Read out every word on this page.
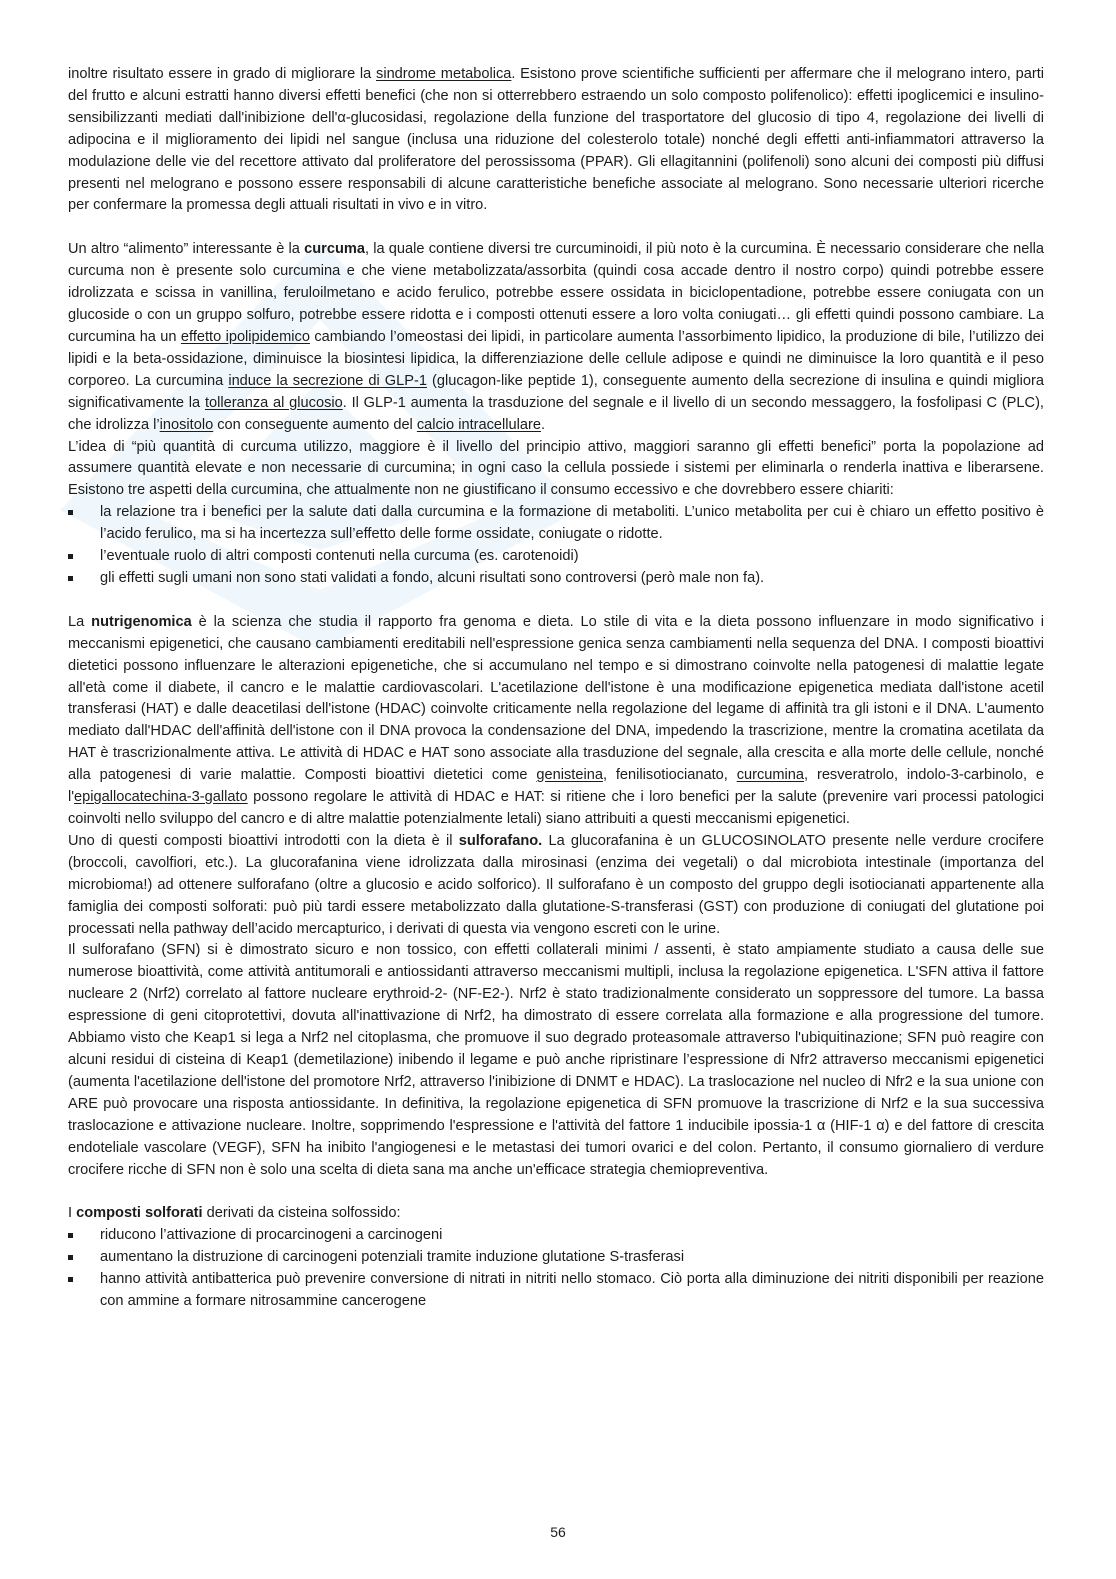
inoltre risultato essere in grado di migliorare la sindrome metabolica. Esistono prove scientifiche sufficienti per affermare che il melograno intero, parti del frutto e alcuni estratti hanno diversi effetti benefici (che non si otterrebbero estraendo un solo composto polifenolico): effetti ipoglicemici e insulino-sensibilizzanti mediati dall'inibizione dell'α-glucosidasi, regolazione della funzione del trasportatore del glucosio di tipo 4, regolazione dei livelli di adipocina e il miglioramento dei lipidi nel sangue (inclusa una riduzione del colesterolo totale) nonché degli effetti anti-infiammatori attraverso la modulazione delle vie del recettore attivato dal proliferatore del perossissoma (PPAR). Gli ellagitannini (polifenoli) sono alcuni dei composti più diffusi presenti nel melograno e possono essere responsabili di alcune caratteristiche benefiche associate al melograno. Sono necessarie ulteriori ricerche per confermare la promessa degli attuali risultati in vivo e in vitro.

Un altro “alimento” interessante è la curcuma, la quale contiene diversi tre curcuminoidi, il più noto è la curcumina. È necessario considerare che nella curcuma non è presente solo curcumina e che viene metabolizzata/assorbita (quindi cosa accade dentro il nostro corpo) quindi potrebbe essere idrolizzata e scissa in vanillina, feruloilmetano e acido ferulico, potrebbe essere ossidata in biciclopentadione, potrebbe essere coniugata con un glucoside o con un gruppo solfuro, potrebbe essere ridotta e i composti ottenuti essere a loro volta coniugati… gli effetti quindi possono cambiare. La curcumina ha un effetto ipolipidemico cambiando l’omeostasi dei lipidi, in particolare aumenta l’assorbimento lipidico, la produzione di bile, l’utilizzo dei lipidi e la beta-ossidazione, diminuisce la biosintesi lipidica, la differenziazione delle cellule adipose e quindi ne diminuisce la loro quantità e il peso corporeo. La curcumina induce la secrezione di GLP-1 (glucagon-like peptide 1), conseguente aumento della secrezione di insulina e quindi migliora significativamente la tolleranza al glucosio. Il GLP-1 aumenta la trasduzione del segnale e il livello di un secondo messaggero, la fosfolipasi C (PLC), che idrolizza l’inositolo con conseguente aumento del calcio intracellulare.

L’idea di “più quantità di curcuma utilizzo, maggiore è il livello del principio attivo, maggiori saranno gli effetti benefici” porta la popolazione ad assumere quantità elevate e non necessarie di curcumina; in ogni caso la cellula possiede i sistemi per eliminarla o renderla inattiva e liberarsene. Esistono tre aspetti della curcumina, che attualmente non ne giustificano il consumo eccessivo e che dovrebbero essere chiariti:

la relazione tra i benefici per la salute dati dalla curcumina e la formazione di metaboliti. L’unico metabolita per cui è chiaro un effetto positivo è l’acido ferulico, ma si ha incertezza sull’effetto delle forme ossidate, coniugate o ridotte.
l’eventuale ruolo di altri composti contenuti nella curcuma (es. carotenoidi)
gli effetti sugli umani non sono stati validati a fondo, alcuni risultati sono controversi (però male non fa).

La nutrigenomica è la scienza che studia il rapporto fra genoma e dieta. Lo stile di vita e la dieta possono influenzare in modo significativo i meccanismi epigenetici, che causano cambiamenti ereditabili nell'espressione genica senza cambiamenti nella sequenza del DNA. I composti bioattivi dietetici possono influenzare le alterazioni epigenetiche, che si accumulano nel tempo e si dimostrano coinvolte nella patogenesi di malattie legate all'età come il diabete, il cancro e le malattie cardiovascolari. L'acetilazione dell'istone è una modificazione epigenetica mediata dall'istone acetil transferasi (HAT) e dalle deacetilasi dell'istone (HDAC) coinvolte criticamente nella regolazione del legame di affinità tra gli istoni e il DNA. L'aumento mediato dall'HDAC dell'affinità dell'istone con il DNA provoca la condensazione del DNA, impedendo la trascrizione, mentre la cromatina acetilata da HAT è trascrizionalmente attiva. Le attività di HDAC e HAT sono associate alla trasduzione del segnale, alla crescita e alla morte delle cellule, nonché alla patogenesi di varie malattie. Composti bioattivi dietetici come genisteina, fenilisotiocianato, curcumina, resveratrolo, indolo-3-carbinolo, e l'epigallocatechina-3-gallato possono regolare le attività di HDAC e HAT: si ritiene che i loro benefici per la salute (prevenire vari processi patologici coinvolti nello sviluppo del cancro e di altre malattie potenzialmente letali) siano attribuiti a questi meccanismi epigenetici.

Uno di questi composti bioattivi introdotti con la dieta è il sulforafano. La glucorafanina è un GLUCOSINOLATO presente nelle verdure crocifere (broccoli, cavolfiori, etc.). La glucorafanina viene idrolizzata dalla mirosinasi (enzima dei vegetali) o dal microbiota intestinale (importanza del microbioma!) ad ottenere sulforafano (oltre a glucosio e acido solforico). Il sulforafano è un composto del gruppo degli isotiocianati appartenente alla famiglia dei composti solforati: può più tardi essere metabolizzato dalla glutatione-S-transferasi (GST) con produzione di coniugati del glutatione poi processati nella pathway dell’acido mercapturico, i derivati di questa via vengono escreti con le urine.

Il sulforafano (SFN) si è dimostrato sicuro e non tossico, con effetti collaterali minimi / assenti, è stato ampiamente studiato a causa delle sue numerose bioattività, come attività antitumorali e antiossidanti attraverso meccanismi multipli, inclusa la regolazione epigenetica. L'SFN attiva il fattore nucleare 2 (Nrf2) correlato al fattore nucleare erythroid-2- (NF-E2-). Nrf2 è stato tradizionalmente considerato un soppressore del tumore. La bassa espressione di geni citoprotettivi, dovuta all'inattivazione di Nrf2, ha dimostrato di essere correlata alla formazione e alla progressione del tumore. Abbiamo visto che Keap1 si lega a Nrf2 nel citoplasma, che promuove il suo degrado proteasomale attraverso l'ubiquitinazione; SFN può reagire con alcuni residui di cisteina di Keap1 (demetilazione) inibendo il legame e può anche ripristinare l’espressione di Nfr2 attraverso meccanismi epigenetici (aumenta l'acetilazione dell'istone del promotore Nrf2, attraverso l'inibizione di DNMT e HDAC). La traslocazione nel nucleo di Nfr2 e la sua unione con ARE può provocare una risposta antiossidante. In definitiva, la regolazione epigenetica di SFN promuove la trascrizione di Nrf2 e la sua successiva traslocazione e attivazione nucleare. Inoltre, sopprimendo l'espressione e l'attività del fattore 1 inducibile ipossia-1 α (HIF-1 α) e del fattore di crescita endoteliale vascolare (VEGF), SFN ha inibito l'angiogenesi e le metastasi dei tumori ovarici e del colon. Pertanto, il consumo giornaliero di verdure crocifere ricche di SFN non è solo una scelta di dieta sana ma anche un'efficace strategia chemiopreventiva.

I composti solforati derivati da cisteina solfossido:

riducono l’attivazione di procarcinogeni a carcinogeni
aumentano la distruzione di carcinogeni potenziali tramite induzione glutatione S-trasferasi
hanno attività antibatterica può prevenire conversione di nitrati in nitriti nello stomaco. Ciò porta alla diminuzione dei nitriti disponibili per reazione con ammine a formare nitrosammine cancerogene
56
